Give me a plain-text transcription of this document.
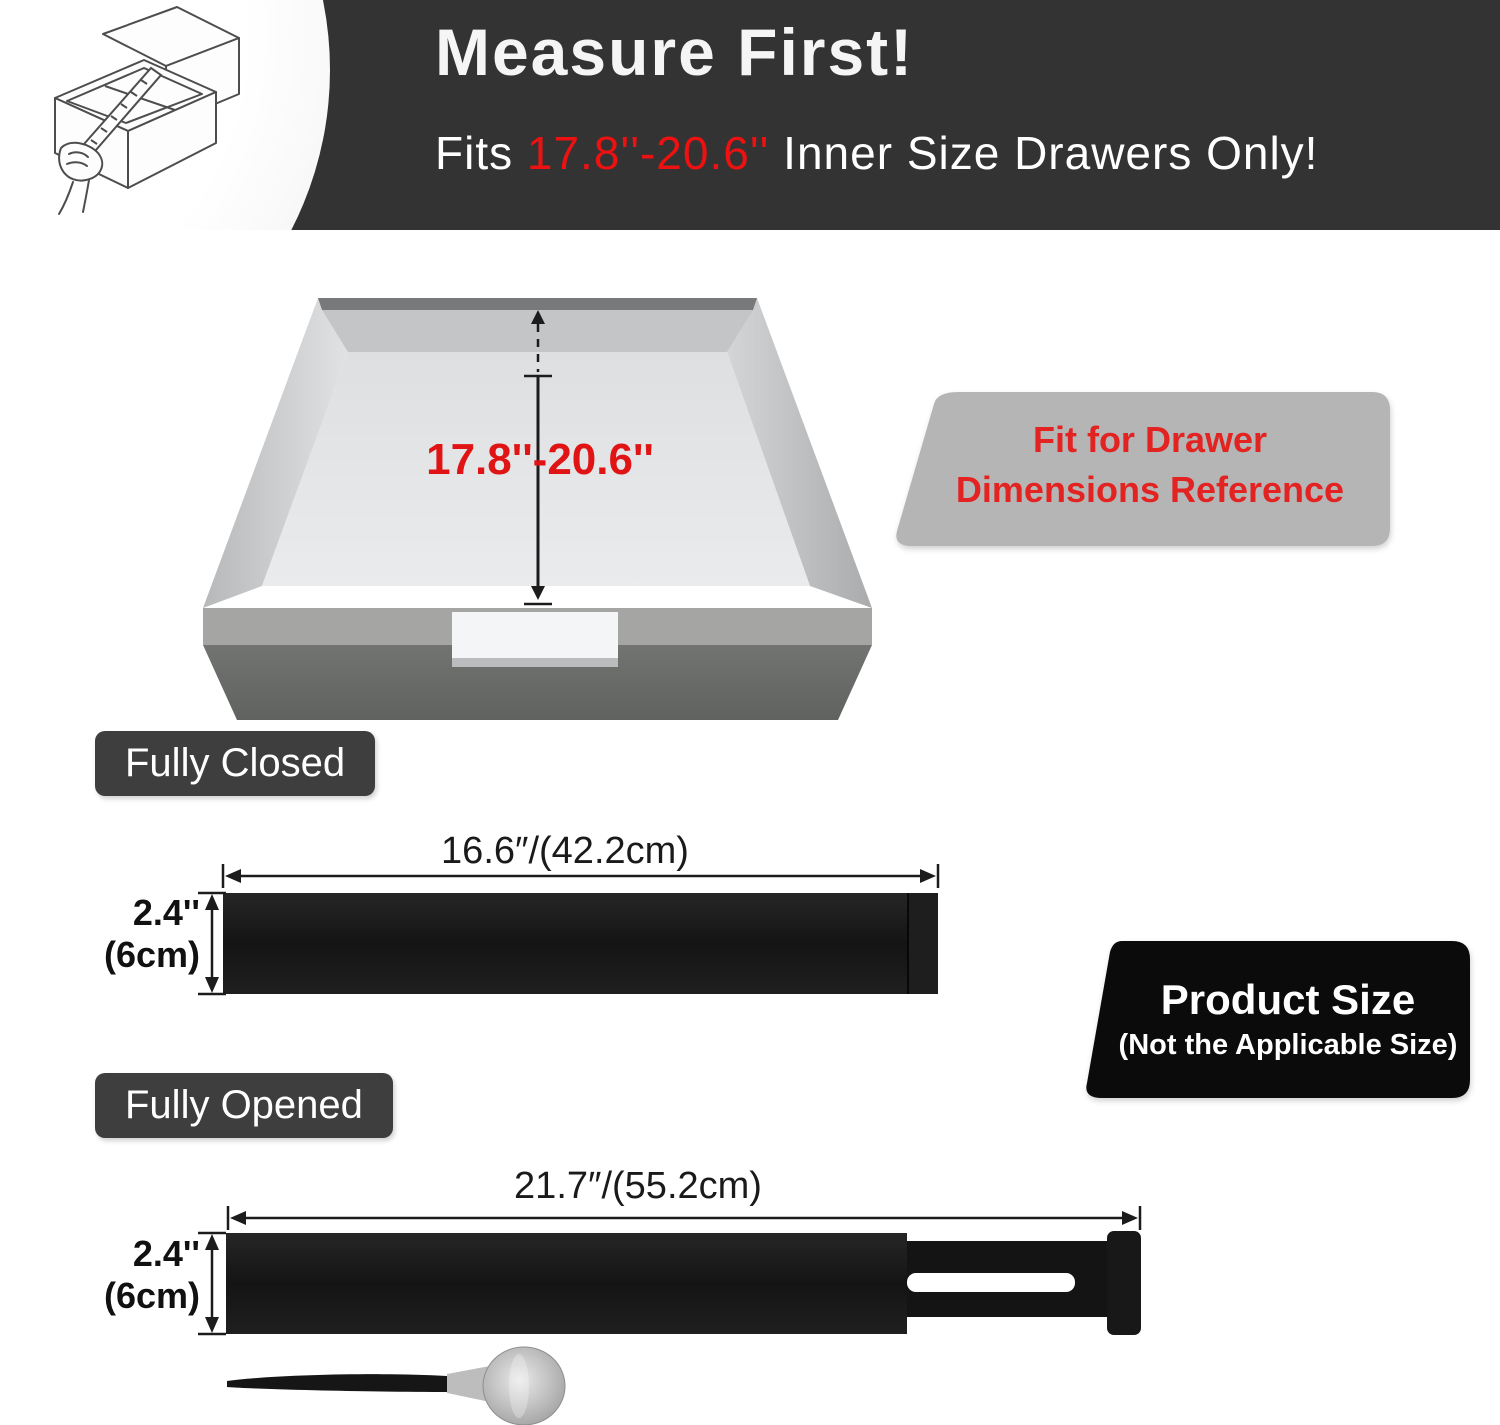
Measure First!
Fits 17.8''-20.6'' Inner Size Drawers Only!
17.8''-20.6''	Fit for Drawer
Dimensions Reference
Fully Closed
Fully Opened
16.6″/(42.2cm)
2.4''
(6cm)
Product Size
(Not the Applicable Size)
21.7″/(55.2cm)
2.4''
(6cm)
